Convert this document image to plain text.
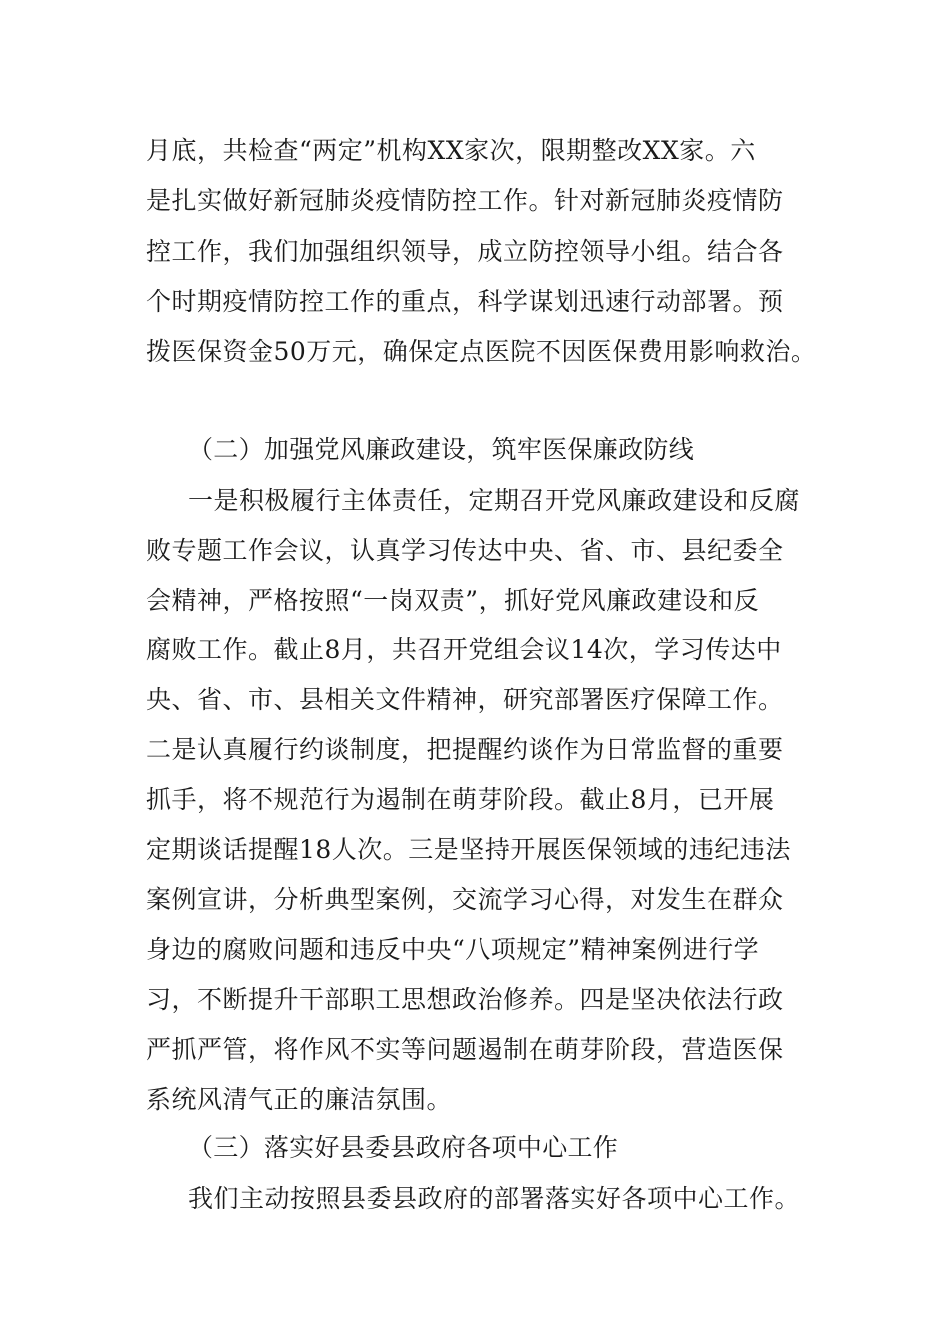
月底，共检查“两定”机构XX家次，限期整改XX家。六
是扎实做好新冠肺炎疫情防控工作。针对新冠肺炎疫情防
控工作，我们加强组织领导，成立防控领导小组。结合各
个时期疫情防控工作的重点，科学谋划迅速行动部署。预
拨医保资金50万元，确保定点医院不因医保费用影响救治。
（二）加强党风廉政建设，筑牢医保廉政防线
一是积极履行主体责任，定期召开党风廉政建设和反腐
败专题工作会议，认真学习传达中央、省、市、县纪委全
会精神，严格按照“一岗双责”，抓好党风廉政建设和反
腐败工作。截止8月，共召开党组会议14次，学习传达中
央、省、市、县相关文件精神，研究部署医疗保障工作。
二是认真履行约谈制度，把提醒约谈作为日常监督的重要
抓手，将不规范行为遏制在萌芽阶段。截止8月，已开展
定期谈话提醒18人次。三是坚持开展医保领域的违纪违法
案例宣讲，分析典型案例，交流学习心得，对发生在群众
身边的腐败问题和违反中央“八项规定”精神案例进行学
习，不断提升干部职工思想政治修养。四是坚决依法行政
严抓严管，将作风不实等问题遏制在萌芽阶段，营造医保
系统风清气正的廉洁氛围。
（三）落实好县委县政府各项中心工作
我们主动按照县委县政府的部署落实好各项中心工作。
